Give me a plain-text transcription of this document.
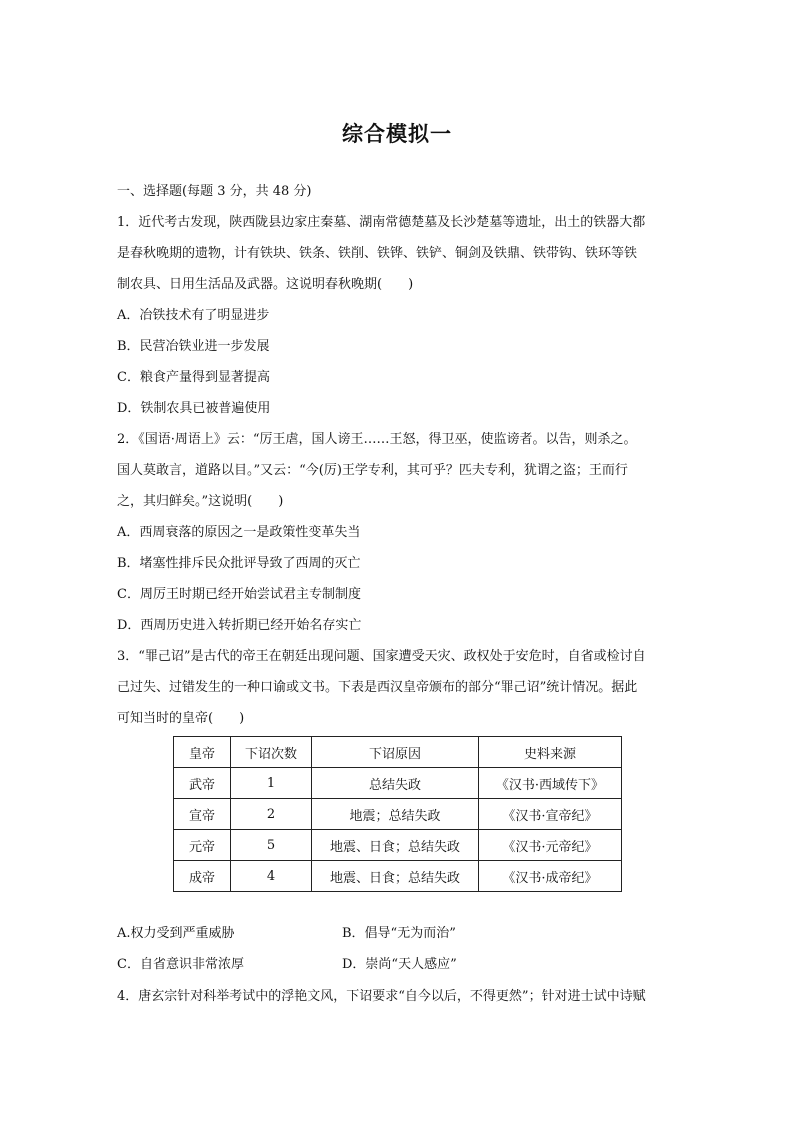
综合模拟一
一、选择题(每题 3 分，共 48 分)
1．近代考古发现，陕西陇县边家庄秦墓、湖南常德楚墓及长沙楚墓等遗址，出土的铁器大都
是春秋晚期的遗物，计有铁块、铁条、铁削、铁铧、铁铲、铜剑及铁鼎、铁带钩、铁环等铁
制农具、日用生活品及武器。这说明春秋晚期(　　)
A．冶铁技术有了明显进步
B．民营冶铁业进一步发展
C．粮食产量得到显著提高
D．铁制农具已被普遍使用
2．《国语·周语上》云：“厉王虐，国人谤王……王怒，得卫巫，使监谤者。以告，则杀之。
国人莫敢言，道路以目。”又云：“今(厉)王学专利，其可乎？匹夫专利，犹谓之盗；王而行
之，其归鲜矣。”这说明(　　)
A．西周衰落的原因之一是政策性变革失当
B．堵塞性排斥民众批评导致了西周的灭亡
C．周厉王时期已经开始尝试君主专制制度
D．西周历史进入转折期已经开始名存实亡
3．“罪己诏”是古代的帝王在朝廷出现问题、国家遭受天灾、政权处于安危时，自省或检讨自
己过失、过错发生的一种口谕或文书。下表是西汉皇帝颁布的部分“罪己诏”统计情况。据此
可知当时的皇帝(　　)
皇帝	下诏次数	下诏原因	史料来源
武帝	1	总结失政	《汉书·西域传下》
宣帝	2	地震；总结失政	《汉书·宣帝纪》
元帝	5	地震、日食；总结失政	《汉书·元帝纪》
成帝	4	地震、日食；总结失政	《汉书·成帝纪》
A.权力受到严重威胁	B．倡导“无为而治”
C．自省意识非常浓厚	D．崇尚“天人感应”
4．唐玄宗针对科举考试中的浮艳文风，下诏要求“自今以后，不得更然”；针对进士试中诗赋
